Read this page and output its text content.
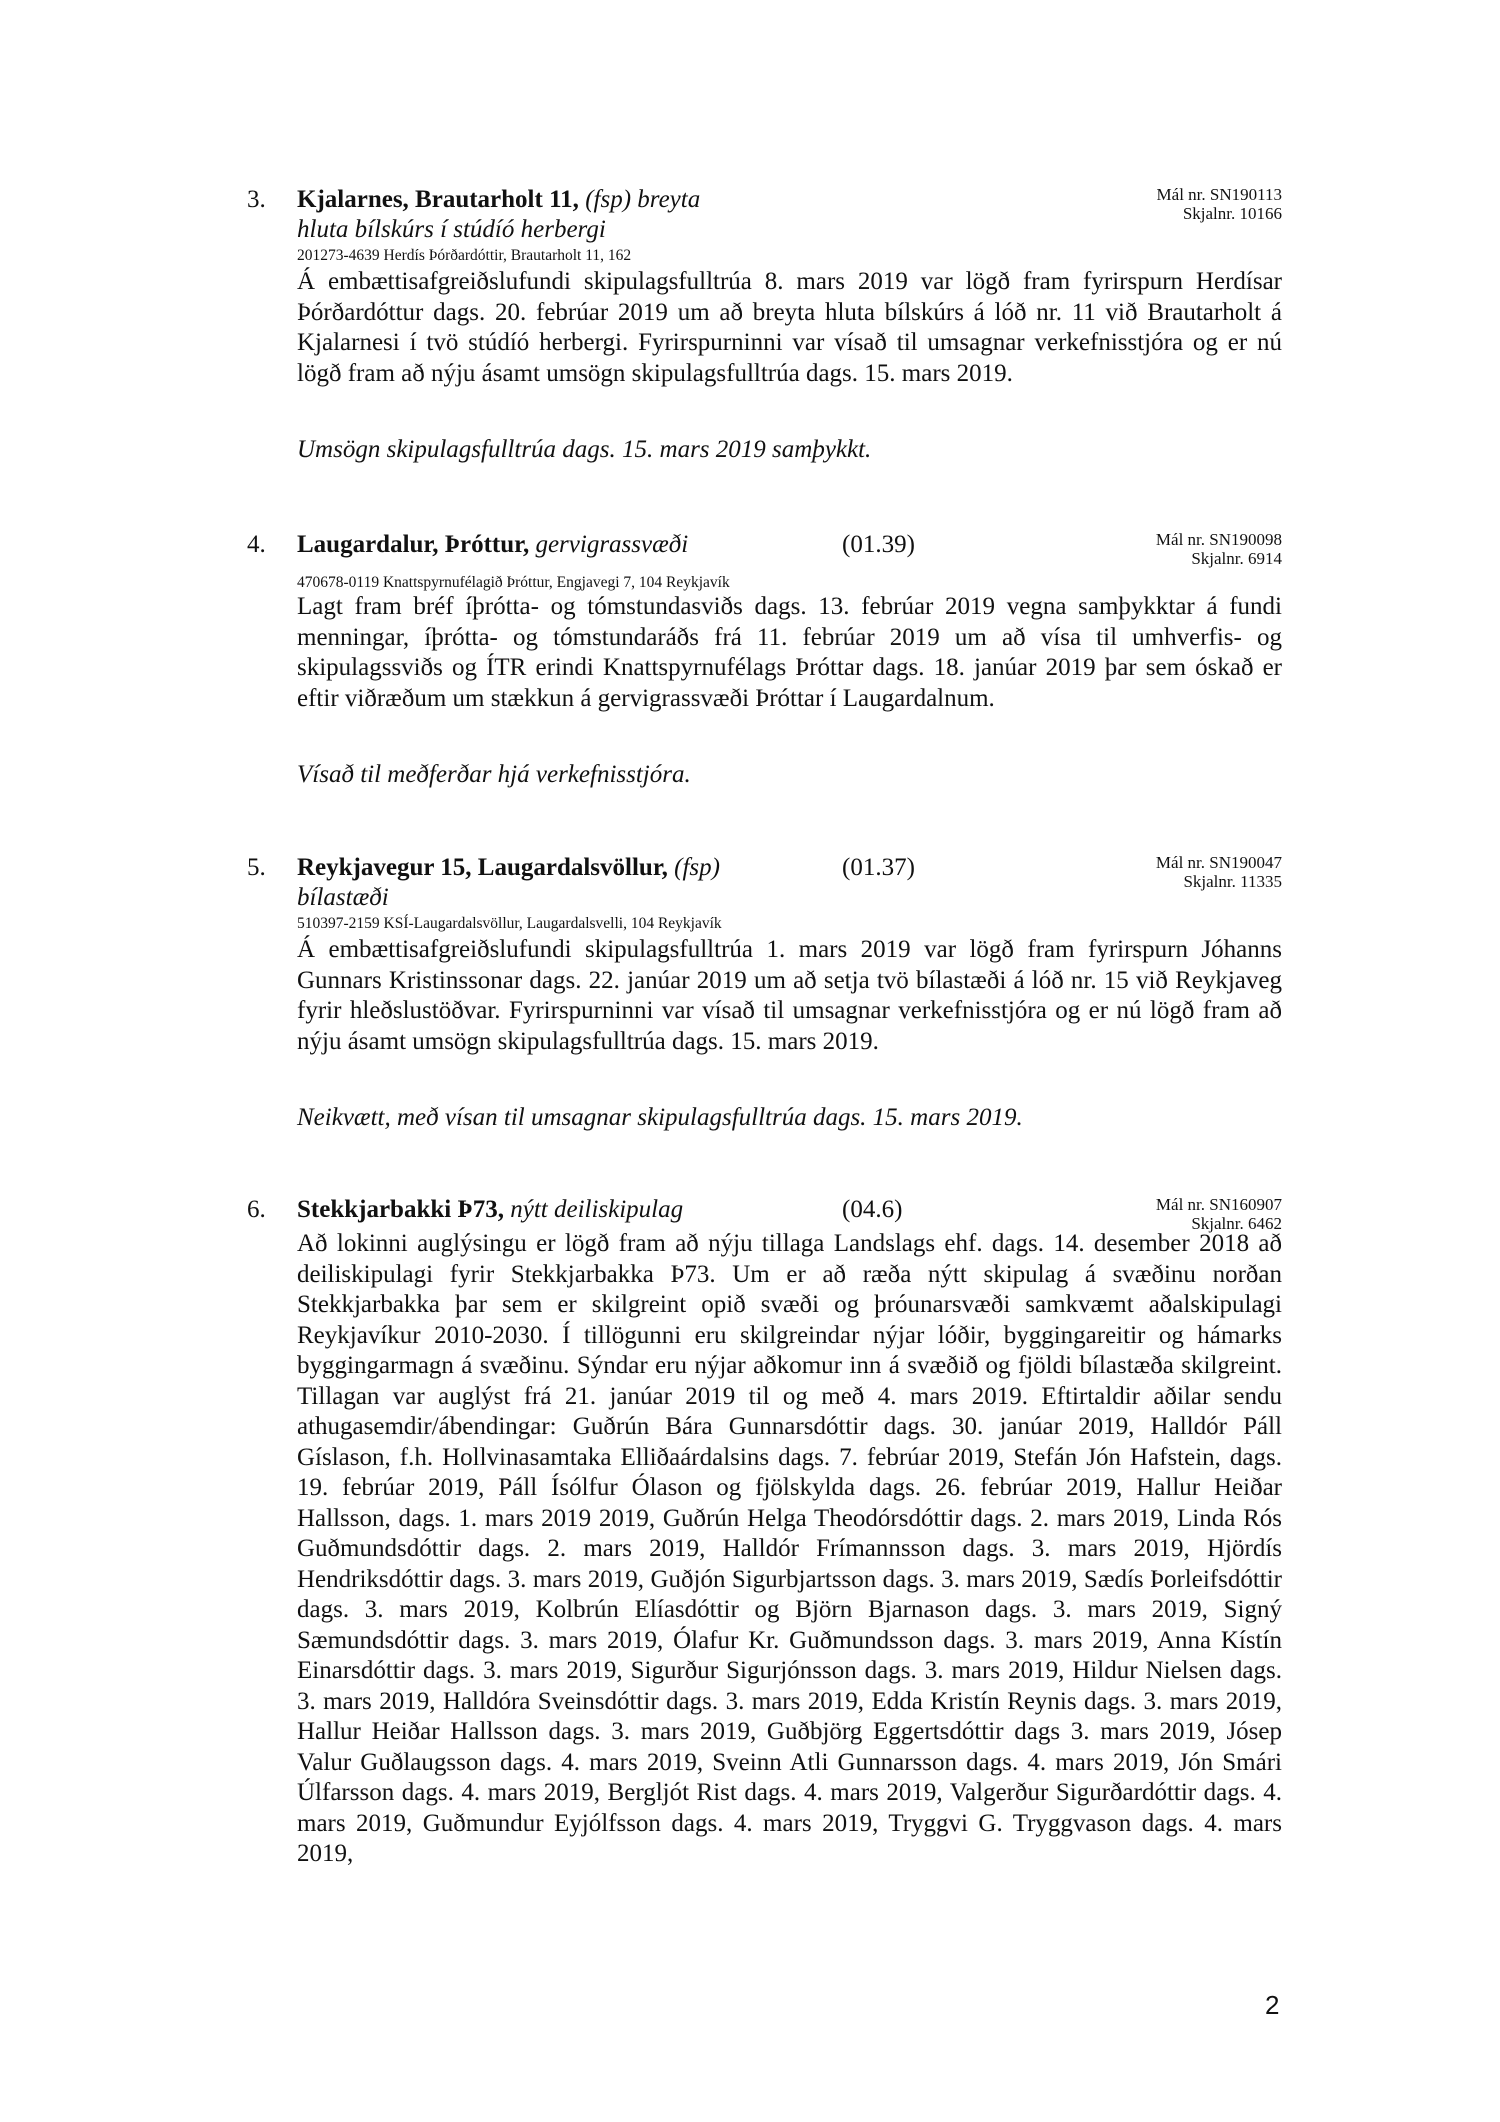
3. Kjalarnes, Brautarholt 11, (fsp) breyta
hluta bílskúrs í stúdíó herbergi
Mál nr. SN190113
Skjalnr. 10166
201273-4639 Herdís Þórðardóttir, Brautarholt 11, 162

Á embættisafgreiðslufundi skipulagsfulltrúa 8. mars 2019 var lögð fram fyrirspurn Herdísar Þórðardóttur dags. 20. febrúar 2019 um að breyta hluta bílskúrs á lóð nr. 11 við Brautarholt á Kjalarnesi í tvö stúdíó herbergi. Fyrirspurninni var vísað til umsagnar verkefnisstjóra og er nú lögð fram að nýju ásamt umsögn skipulagsfulltrúa dags. 15. mars 2019.

Umsögn skipulagsfulltrúa dags. 15. mars 2019 samþykkt.
4. Laugardalur, Þróttur, gervigrassvæði	(01.39)	Mál nr. SN190098
Skjalnr. 6914
470678-0119 Knattspyrnufélagið Þróttur, Engjavegi 7, 104 Reykjavík

Lagt fram bréf íþrótta- og tómstundasviðs dags. 13. febrúar 2019 vegna samþykktar á fundi menningar, íþrótta- og tómstundaráðs frá 11. febrúar 2019 um að vísa til umhverfis- og skipulagssviðs og ÍTR erindi Knattspyrnufélags Þróttar dags. 18. janúar 2019 þar sem óskað er eftir viðræðum um stækkun á gervigrassvæði Þróttar í Laugardalnum.

Vísað til meðferðar hjá verkefnisstjóra.
5. Reykjavegur 15, Laugardalsvöllur, (fsp)
bílastæði
(01.37)	Mál nr. SN190047
Skjalnr. 11335
510397-2159 KSÍ-Laugardalsvöllur, Laugardalsvelli, 104 Reykjavík

Á embættisafgreiðslufundi skipulagsfulltrúa 1. mars 2019 var lögð fram fyrirspurn Jóhanns Gunnars Kristinssonar dags. 22. janúar 2019 um að setja tvö bílastæði á lóð nr. 15 við Reykjaveg fyrir hleðslustöðvar. Fyrirspurninni var vísað til umsagnar verkefnisstjóra og er nú lögð fram að nýju ásamt umsögn skipulagsfulltrúa dags. 15. mars 2019.

Neikvætt, með vísan til umsagnar skipulagsfulltrúa dags. 15. mars 2019.
6. Stekkjarbakki Þ73, nýtt deiliskipulag	(04.6)	Mál nr. SN160907
Skjalnr. 6462

Að lokinni auglýsingu er lögð fram að nýju tillaga Landslags ehf. dags. 14. desember 2018 að deiliskipulagi fyrir Stekkjarbakka Þ73. Um er að ræða nýtt skipulag á svæðinu norðan Stekkjarbakka þar sem er skilgreint opið svæði og þróunarsvæði samkvæmt aðalskipulagi Reykjavíkur 2010-2030. Í tillögunni eru skilgreindar nýjar lóðir, byggingareitir og hámarks byggingarmagn á svæðinu. Sýndar eru nýjar aðkomur inn á svæðið og fjöldi bílastæða skilgreint. Tillagan var auglýst frá 21. janúar 2019 til og með 4. mars 2019. Eftirtaldir aðilar sendu athugasemdir/ábendingar: Guðrún Bára Gunnarsdóttir dags. 30. janúar 2019, Halldór Páll Gíslason, f.h. Hollvinasamtaka Elliðaárdalsins dags. 7. febrúar 2019, Stefán Jón Hafstein, dags. 19. febrúar 2019, Páll Ísólfur Ólason og fjölskylda dags. 26. febrúar 2019, Hallur Heiðar Hallsson, dags. 1. mars 2019 2019, Guðrún Helga Theodórsdóttir dags. 2. mars 2019, Linda Rós Guðmundsdóttir dags. 2. mars 2019, Halldór Frímannsson dags. 3. mars 2019, Hjördís Hendriksdóttir dags. 3. mars 2019, Guðjón Sigurbjartsson dags. 3. mars 2019, Sædís Þorleifsdóttir dags. 3. mars 2019, Kolbrún Elíasdóttir og Björn Bjarnason dags. 3. mars 2019, Signý Sæmundsdóttir dags. 3. mars 2019, Ólafur Kr. Guðmundsson dags. 3. mars 2019, Anna Kístín Einarsdóttir dags. 3. mars 2019, Sigurður Sigurjónsson dags. 3. mars 2019, Hildur Nielsen dags. 3. mars 2019, Halldóra Sveinsdóttir dags. 3. mars 2019, Edda Kristín Reynis dags. 3. mars 2019, Hallur Heiðar Hallsson dags. 3. mars 2019, Guðbjörg Eggertsdóttir dags 3. mars 2019, Jósep Valur Guðlaugsson dags. 4. mars 2019, Sveinn Atli Gunnarsson dags. 4. mars 2019, Jón Smári Úlfarsson dags. 4. mars 2019, Bergljót Rist dags. 4. mars 2019, Valgerður Sigurðardóttir dags. 4. mars 2019, Guðmundur Eyjólfsson dags. 4. mars 2019, Tryggvi G. Tryggvason dags. 4. mars 2019,

2
